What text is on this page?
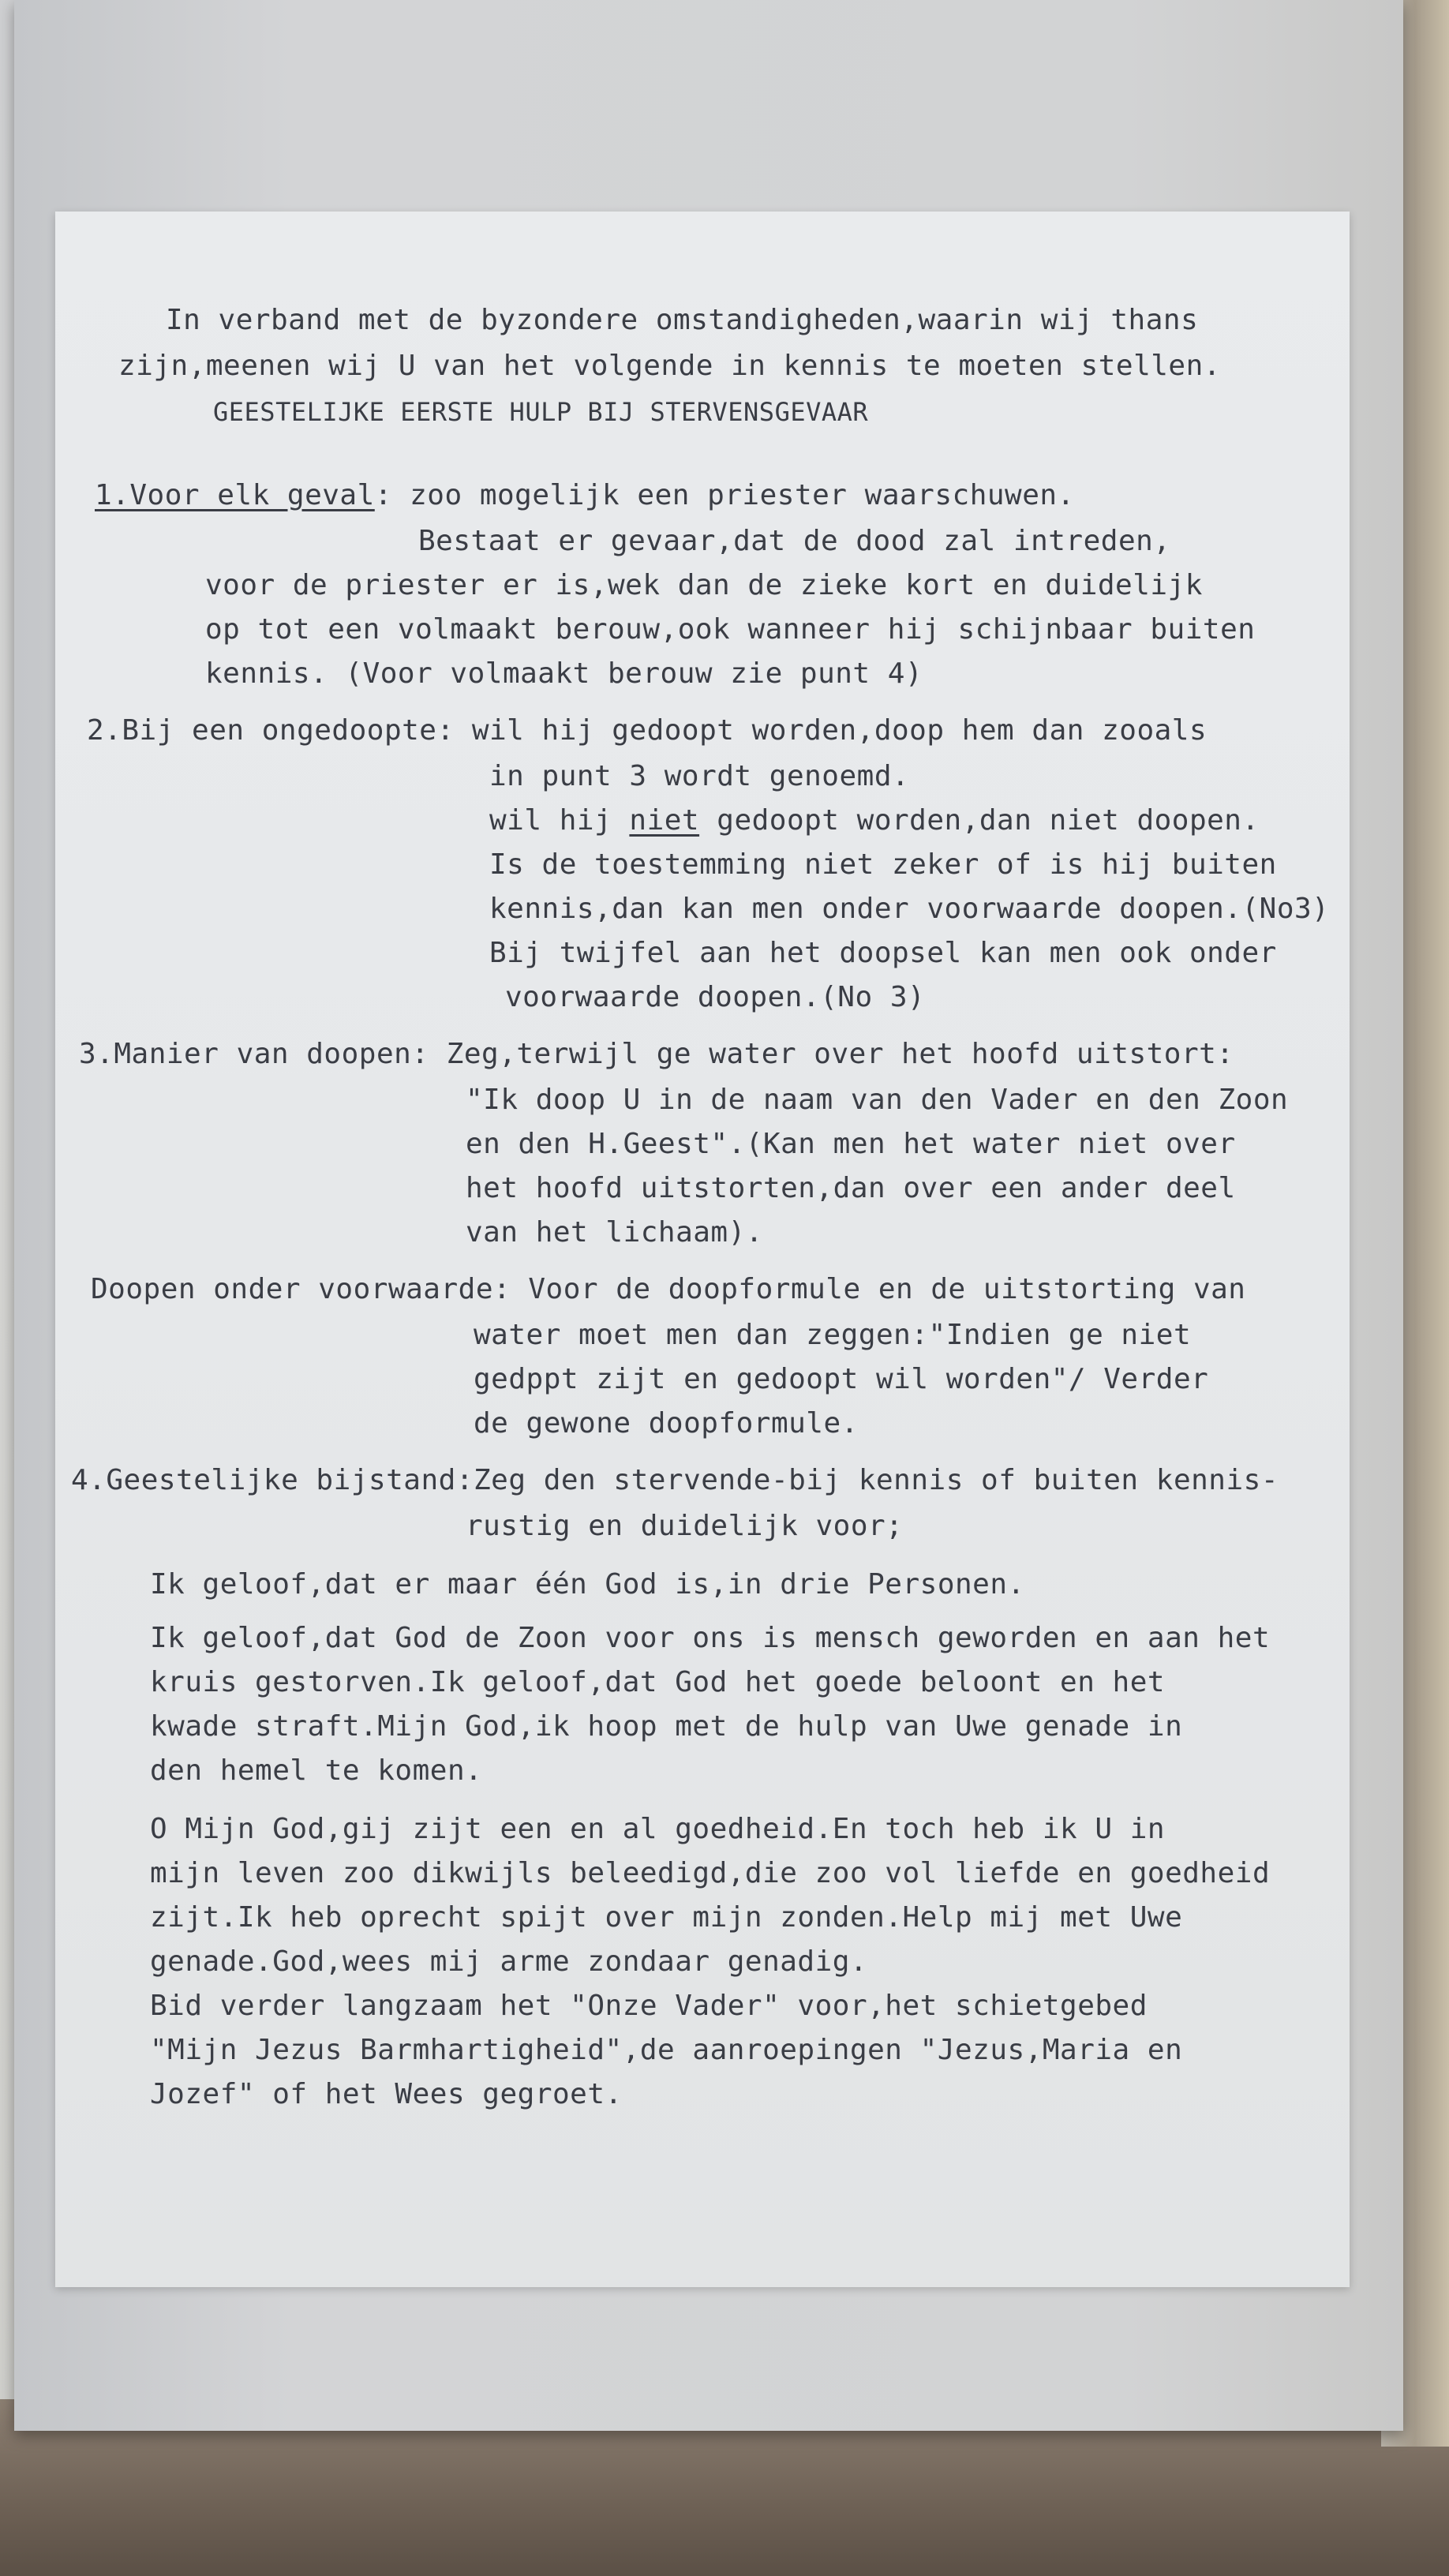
In verband met de byzondere omstandigheden,waarin wij thans

zijn,meenen wij U van het volgende in kennis te moeten stellen.

GEESTELIJKE EERSTE HULP BIJ STERVENSGEVAAR

1.Voor elk geval: zoo mogelijk een priester waarschuwen.

Bestaat er gevaar,dat de dood zal intreden,

voor de priester er is,wek dan de zieke kort en duidelijk

op tot een volmaakt berouw,ook wanneer hij schijnbaar buiten

kennis. (Voor volmaakt berouw zie punt 4)

2.Bij een ongedoopte: wil hij gedoopt worden,doop hem dan zooals

in punt 3 wordt genoemd.

wil hij niet gedoopt worden,dan niet doopen.

Is de toestemming niet zeker of is hij buiten

kennis,dan kan men onder voorwaarde doopen.(No3)

Bij twijfel aan het doopsel kan men ook onder

voorwaarde doopen.(No 3)

3.Manier van doopen: Zeg,terwijl ge water over het hoofd uitstort:

"Ik doop U in de naam van den Vader en den Zoon

en den H.Geest".(Kan men het water niet over

het hoofd uitstorten,dan over een ander deel

van het lichaam).

Doopen onder voorwaarde: Voor de doopformule en de uitstorting van

water moet men dan zeggen:"Indien ge niet

gedppt zijt en gedoopt wil worden"/ Verder

de gewone doopformule.

4.Geestelijke bijstand:Zeg den stervende-bij kennis of buiten kennis-

rustig en duidelijk voor;

Ik geloof,dat er maar één God is,in drie Personen.

Ik geloof,dat God de Zoon voor ons is mensch geworden en aan het

kruis gestorven.Ik geloof,dat God het goede beloont en het

kwade straft.Mijn God,ik hoop met de hulp van Uwe genade in

den hemel te komen.

O Mijn God,gij zijt een en al goedheid.En toch heb ik U in

mijn leven zoo dikwijls beleedigd,die zoo vol liefde en goedheid

zijt.Ik heb oprecht spijt over mijn zonden.Help mij met Uwe

genade.God,wees mij arme zondaar genadig.

Bid verder langzaam het "Onze Vader" voor,het schietgebed

"Mijn Jezus Barmhartigheid",de aanroepingen "Jezus,Maria en

Jozef" of het Wees gegroet.
